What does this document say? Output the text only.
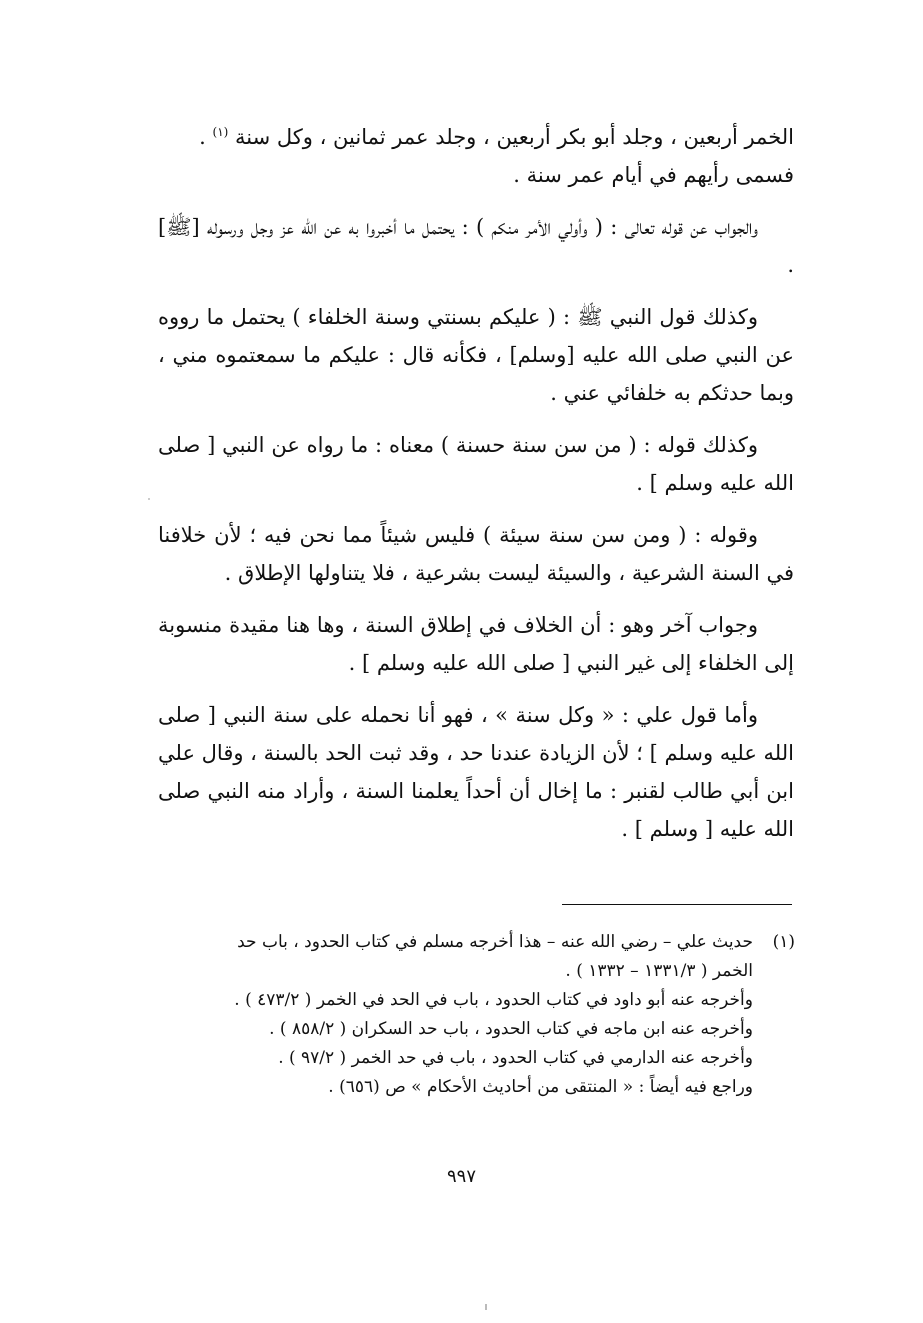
الخمر أربعين ، وجلد أبو بكر أربعين ، وجلد عمر ثمانين ، وكل سنة $^{(١)}$ .
فسمى رأيهم في أيام عمر سنة .

والجواب عن قوله تعالى : ( وأولي الأمر منكم ) : يحتمل ما أخبروا به عن الله عز وجل ورسوله [ﷺ] .

وكذلك قول النبي ﷺ : ( عليكم بسنتي وسنة الخلفاء ) يحتمل ما رووه عن النبي صلى الله عليه [وسلم] ، فكأنه قال : عليكم ما سمعتموه مني ، وبما حدثكم به خلفائي عني .

وكذلك قوله : ( من سن سنة حسنة ) معناه : ما رواه عن النبي [ صلى الله عليه وسلم ] .

وقوله : ( ومن سن سنة سيئة ) فليس شيئاً مما نحن فيه ؛ لأن خلافنا في السنة الشرعية ، والسيئة ليست بشرعية ، فلا يتناولها الإطلاق .

وجواب آخر وهو : أن الخلاف في إطلاق السنة ، وها هنا مقيدة منسوبة إلى الخلفاء إلى غير النبي [ صلى الله عليه وسلم ] .

وأما قول علي : « وكل سنة » ، فهو أنا نحمله على سنة النبي [ صلى الله عليه وسلم ] ؛ لأن الزيادة عندنا حد ، وقد ثبت الحد بالسنة ، وقال علي ابن أبي طالب لقنبر : ما إخال أن أحداً يعلمنا السنة ، وأراد منه النبي صلى الله عليه [ وسلم ] .

(١)
حديث علي – رضي الله عنه – هذا أخرجه مسلم في كتاب الحدود ، باب حد

الخمر ( ١٣٣١/٣ – ١٣٣٢ ) .

وأخرجه عنه أبو داود في كتاب الحدود ، باب في الحد في الخمر ( ٤٧٣/٢ ) .

وأخرجه عنه ابن ماجه في كتاب الحدود ، باب حد السكران ( ٨٥٨/٢ ) .

وأخرجه عنه الدارمي في كتاب الحدود ، باب في حد الخمر ( ٩٧/٢ ) .

وراجع فيه أيضاً : « المنتقى من أحاديث الأحكام » ص (٦٥٦) .

٩٩٧
